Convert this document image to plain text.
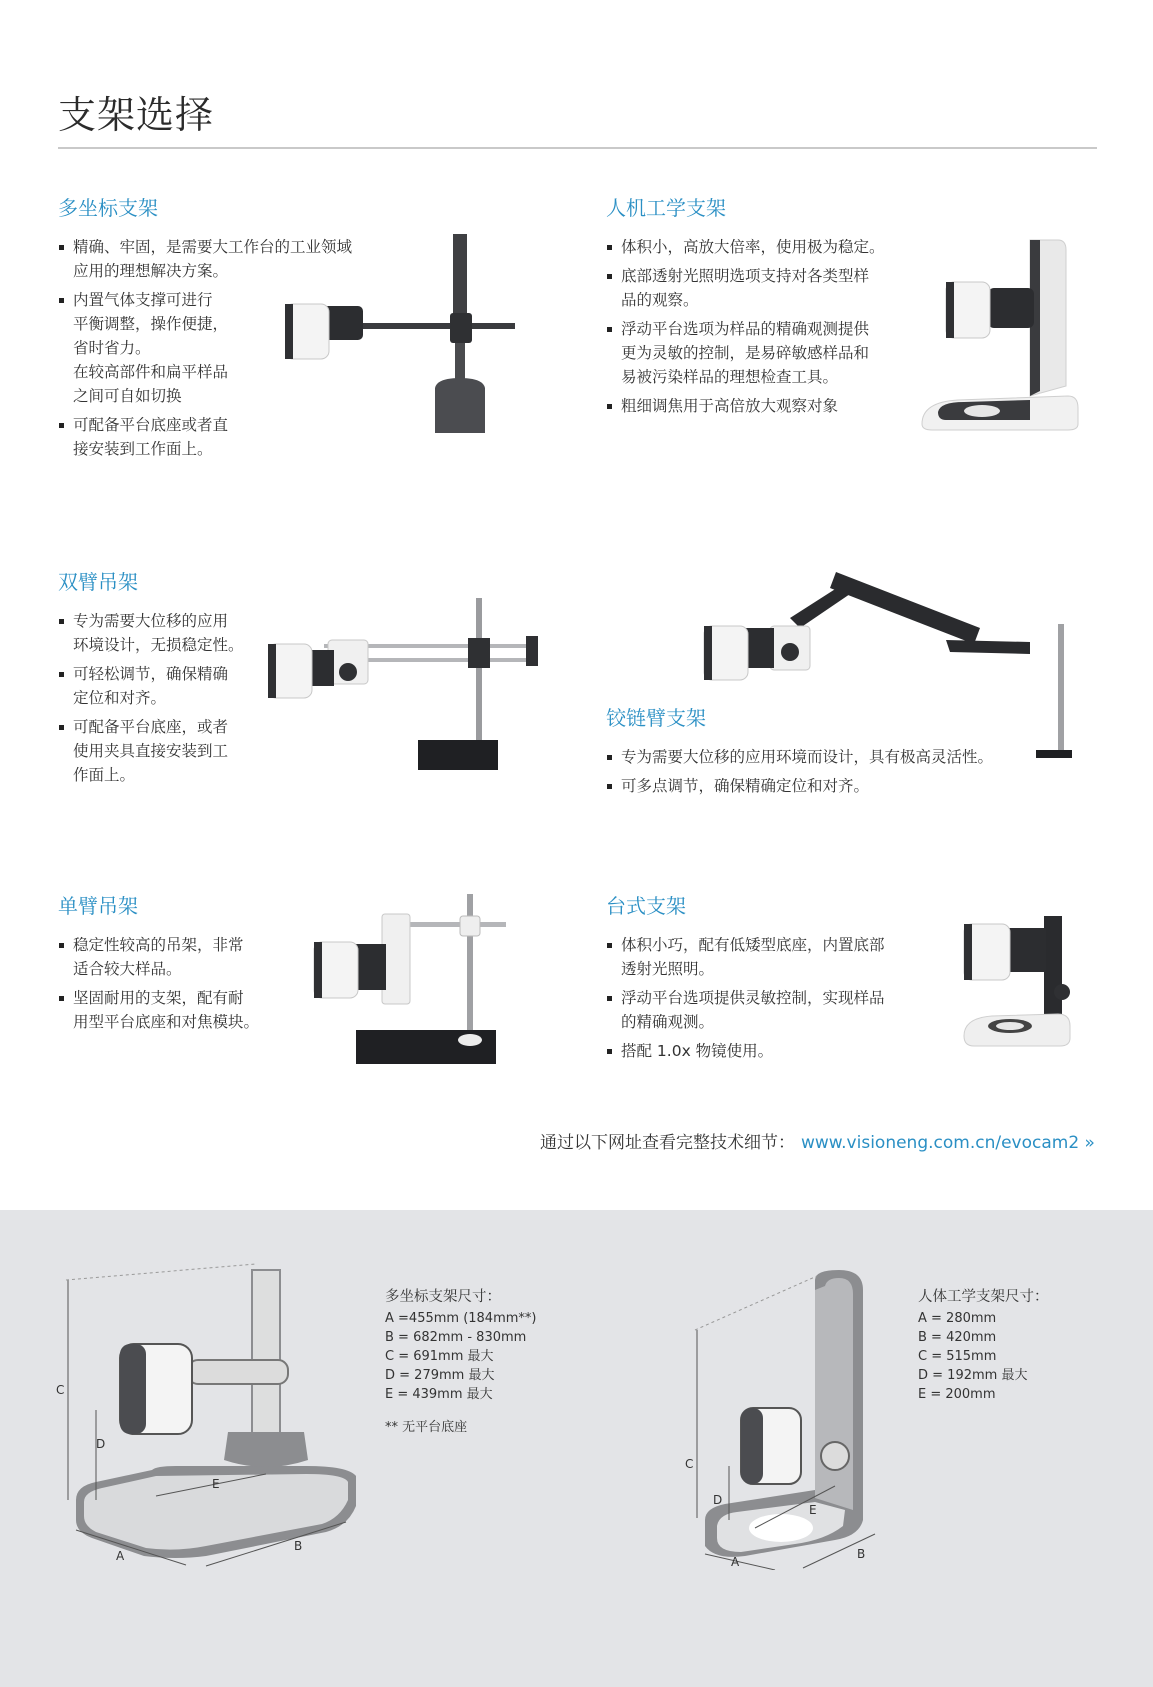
支架选择
多坐标支架
精确、牢固，是需要大工作台的工业领域
应用的理想解决方案。
内置气体支撑可进行
平衡调整，操作便捷，
省时省力。
在较高部件和扁平样品
之间可自如切换
可配备平台底座或者直
接安装到工作面上。
人机工学支架
体积小，高放大倍率，使用极为稳定。
底部透射光照明选项支持对各类型样
品的观察。
浮动平台选项为样品的精确观测提供
更为灵敏的控制，是易碎敏感样品和
易被污染样品的理想检查工具。
粗细调焦用于高倍放大观察对象
双臂吊架
专为需要大位移的应用
环境设计，无损稳定性。
可轻松调节，确保精确
定位和对齐。
可配备平台底座，或者
使用夹具直接安装到工
作面上。
铰链臂支架
专为需要大位移的应用环境而设计，具有极高灵活性。
可多点调节，确保精确定位和对齐。
单臂吊架
稳定性较高的吊架，非常
适合较大样品。
坚固耐用的支架，配有耐
用型平台底座和对焦模块。
台式支架
体积小巧，配有低矮型底座，内置底部
透射光照明。
浮动平台选项提供灵敏控制，实现样品
的精确观测。
搭配 1.0x 物镜使用。
通过以下网址查看完整技术细节： www.visioneng.com.cn/evocam2 »
C
D
E
A
B
多坐标支架尺寸：
A =455mm (184mm**)
B = 682mm - 830mm
C = 691mm 最大
D = 279mm 最大
E = 439mm 最大
** 无平台底座
C
D
E
A
B
人体工学支架尺寸：
A = 280mm
B = 420mm
C = 515mm
D = 192mm 最大
E = 200mm
